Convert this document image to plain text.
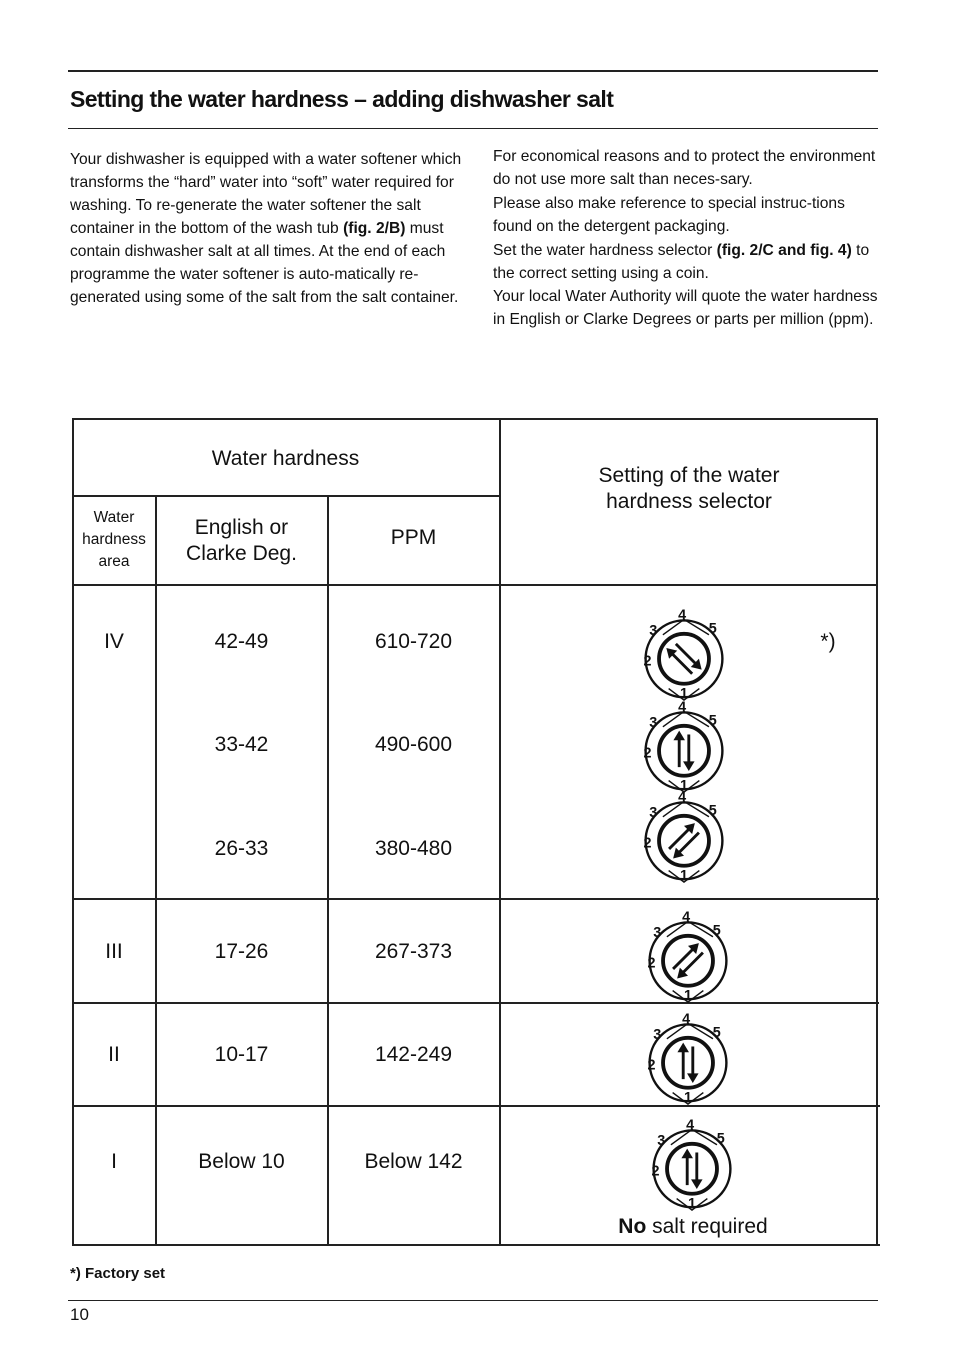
Setting the water hardness – adding dishwasher salt

Your dishwasher is equipped with a water softener which transforms the “hard” water into “soft” water required for washing. To re-generate the water softener the salt container in the bottom of the wash tub (fig. 2/B) must contain dishwasher salt at all times. At the end of each programme the water softener is auto-matically re-generated using some of the salt from the salt container.

For economical reasons and to protect the environment do not use more salt than neces-sary.

Please also make reference to special instruc-tions found on the detergent packaging.

Set the water hardness selector (fig. 2/C and fig. 4) to the correct setting using a coin.

Your local Water Authority will quote the water hardness in English or Clarke Degrees or parts per million (ppm).

Water hardness
Water
hardness
area
English or
Clarke Deg.
PPM
Setting of the water
hardness selector
IV	42-49	610-720	*)
33-42	490-600
26-33	380-480
III	17-26	267-373
II	10-17	142-249
I	Below 10	Below 142
No salt required
1
2
3
4
5
1
2
3
4
5
1
2
3
4
5
1
2
3
4
5
1
2
3
4
5
1
2
3
4
5
*) Factory set
10
